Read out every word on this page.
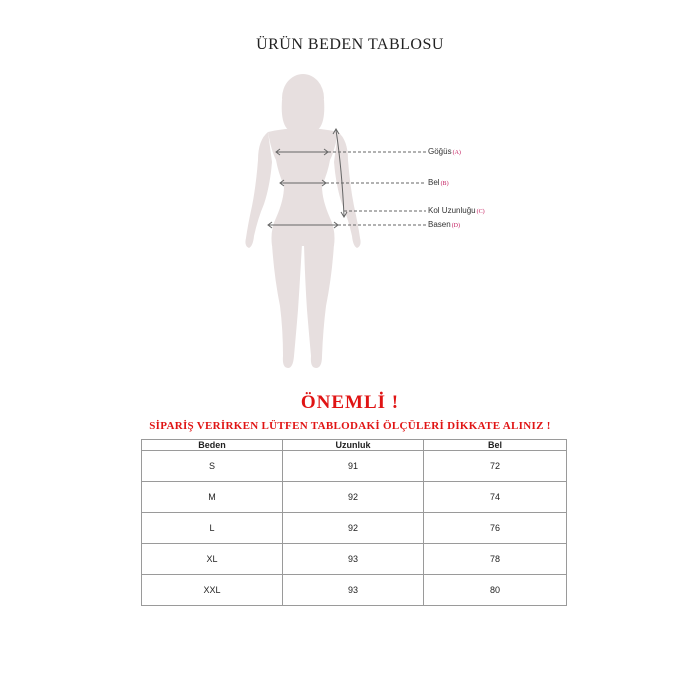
ÜRÜN BEDEN TABLOSU
Göğüs(A)
Bel(B)
Kol Uzunluğu(C)
Basen(D)
ÖNEMLİ !
SİPARİŞ VERİRKEN LÜTFEN TABLODAKİ ÖLÇÜLERİ DİKKATE ALINIZ !
Beden	Uzunluk	Bel
S	91	72
M	92	74
L	92	76
XL	93	78
XXL	93	80
